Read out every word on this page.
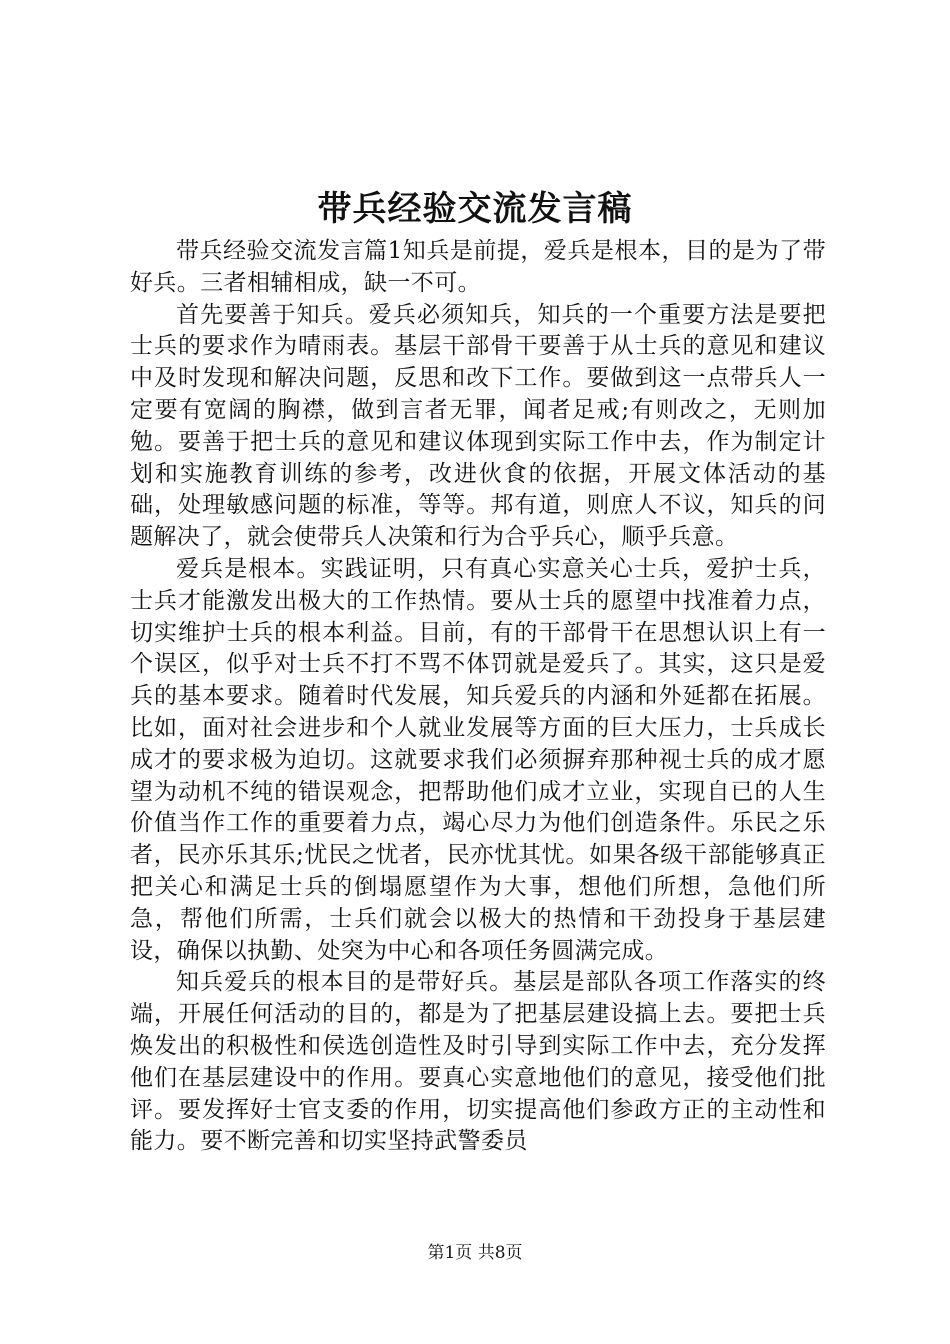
带兵经验交流发言稿

带兵经验交流发言篇1知兵是前提，爱兵是根本，目的是为了带好兵。三者相辅相成，缺一不可。

首先要善于知兵。爱兵必须知兵，知兵的一个重要方法是要把士兵的要求作为晴雨表。基层干部骨干要善于从士兵的意见和建议中及时发现和解决问题，反思和改下工作。要做到这一点带兵人一定要有宽阔的胸襟，做到言者无罪，闻者足戒;有则改之，无则加勉。要善于把士兵的意见和建议体现到实际工作中去，作为制定计划和实施教育训练的参考，改进伙食的依据，开展文体活动的基础，处理敏感问题的标准，等等。邦有道，则庶人不议，知兵的问题解决了，就会使带兵人决策和行为合乎兵心，顺乎兵意。

爱兵是根本。实践证明，只有真心实意关心士兵，爱护士兵，士兵才能激发出极大的工作热情。要从士兵的愿望中找准着力点，切实维护士兵的根本利益。目前，有的干部骨干在思想认识上有一个误区，似乎对士兵不打不骂不体罚就是爱兵了。其实，这只是爱兵的基本要求。随着时代发展，知兵爱兵的内涵和外延都在拓展。比如，面对社会进步和个人就业发展等方面的巨大压力，士兵成长成才的要求极为迫切。这就要求我们必须摒弃那种视士兵的成才愿望为动机不纯的错误观念，把帮助他们成才立业，实现自已的人生价值当作工作的重要着力点，竭心尽力为他们创造条件。乐民之乐者，民亦乐其乐;忧民之忧者，民亦忧其忧。如果各级干部能够真正把关心和满足士兵的倒塌愿望作为大事，想他们所想，急他们所急，帮他们所需，士兵们就会以极大的热情和干劲投身于基层建设，确保以执勤、处突为中心和各项任务圆满完成。

知兵爱兵的根本目的是带好兵。基层是部队各项工作落实的终端，开展任何活动的目的，都是为了把基层建设搞上去。要把士兵焕发出的积极性和侯选创造性及时引导到实际工作中去，充分发挥他们在基层建设中的作用。要真心实意地他们的意见，接受他们批评。要发挥好士官支委的作用，切实提高他们参政方正的主动性和能力。要不断完善和切实坚持武警委员

第1页 共8页
